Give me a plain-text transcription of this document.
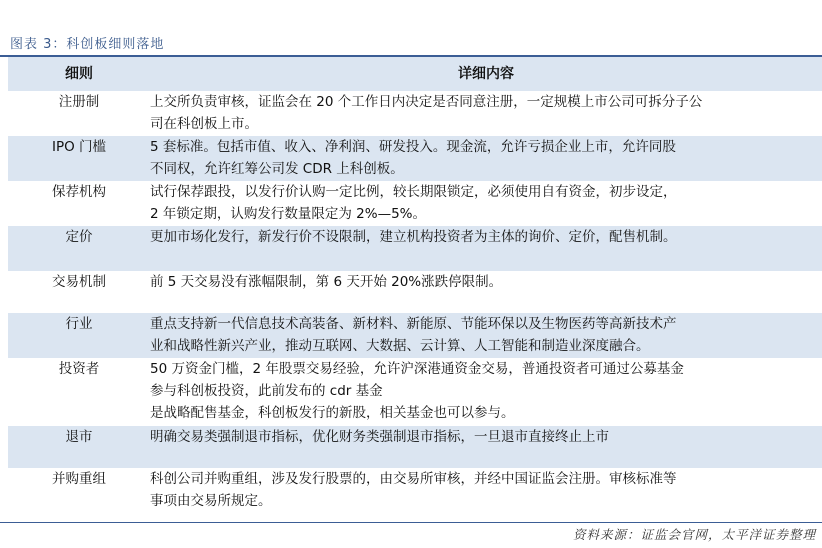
图表 3：科创板细则落地
细则	详细内容
注册制	上交所负责审核，证监会在 20 个工作日内决定是否同意注册，一定规模上市公司可拆分子公
司在科创板上市。

IPO 门槛	5 套标准。包括市值、收入、净利润、研发投入。现金流，允许亏损企业上市，允许同股
不同权，允许红筹公司发 CDR 上科创板。

保荐机构	试行保荐跟投，以发行价认购一定比例，较长期限锁定，必须使用自有资金，初步设定，
2 年锁定期，认购发行数量限定为 2%—5%。

定价	更加市场化发行，新发行价不设限制，建立机构投资者为主体的询价、定价，配售机制。

交易机制	前 5 天交易没有涨幅限制，第 6 天开始 20%涨跌停限制。

行业	重点支持新一代信息技术高装备、新材料、新能原、节能环保以及生物医药等高新技术产
业和战略性新兴产业，推动互联网、大数据、云计算、人工智能和制造业深度融合。

投资者	50 万资金门槛，2 年股票交易经验，允许沪深港通资金交易，普通投资者可通过公募基金
参与科创板投资，此前发布的 cdr 基金
是战略配售基金，科创板发行的新股，相关基金也可以参与。

退市	明确交易类强制退市指标，优化财务类强制退市指标，一旦退市直接终止上市

并购重组	科创公司并购重组，涉及发行股票的，由交易所审核，并经中国证监会注册。审核标准等
事项由交易所规定。
资料来源：证监会官网，太平洋证券整理
